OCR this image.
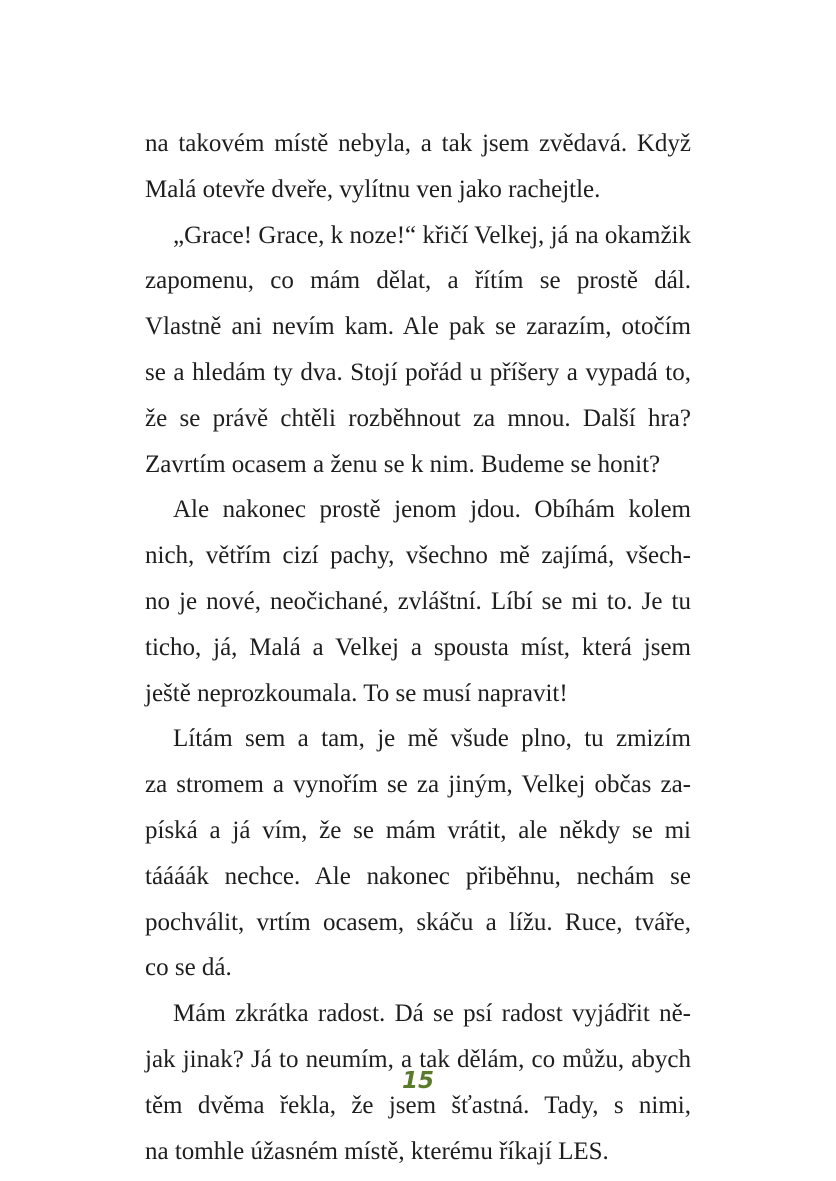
na takovém místě nebyla, a tak jsem zvědavá. Když
Malá otevře dveře, vylítnu ven jako rachejtle.
„Grace! Grace, k noze!“ křičí Velkej, já na okamžik
zapomenu, co mám dělat, a řítím se prostě dál.
Vlastně ani nevím kam. Ale pak se zarazím, otočím
se a hledám ty dva. Stojí pořád u příšery a vypadá to,
že se právě chtěli rozběhnout za mnou. Další hra?
Zavrtím ocasem a ženu se k nim. Budeme se honit?
Ale nakonec prostě jenom jdou. Obíhám kolem
nich, větřím cizí pachy, všechno mě zajímá, všech-
no je nové, neočichané, zvláštní. Líbí se mi to. Je tu
ticho, já, Malá a Velkej a spousta míst, která jsem
ještě neprozkoumala. To se musí napravit!
Lítám sem a tam, je mě všude plno, tu zmizím
za stromem a vynořím se za jiným, Velkej občas za-
píská a já vím, že se mám vrátit, ale někdy se mi
táááák nechce. Ale nakonec přiběhnu, nechám se
pochválit, vrtím ocasem, skáču a lížu. Ruce, tváře,
co se dá.
Mám zkrátka radost. Dá se psí radost vyjádřit ně-
jak jinak? Já to neumím, a tak dělám, co můžu, abych
těm dvěma řekla, že jsem šťastná. Tady, s nimi,
na tomhle úžasném místě, kterému říkají LES.
15
